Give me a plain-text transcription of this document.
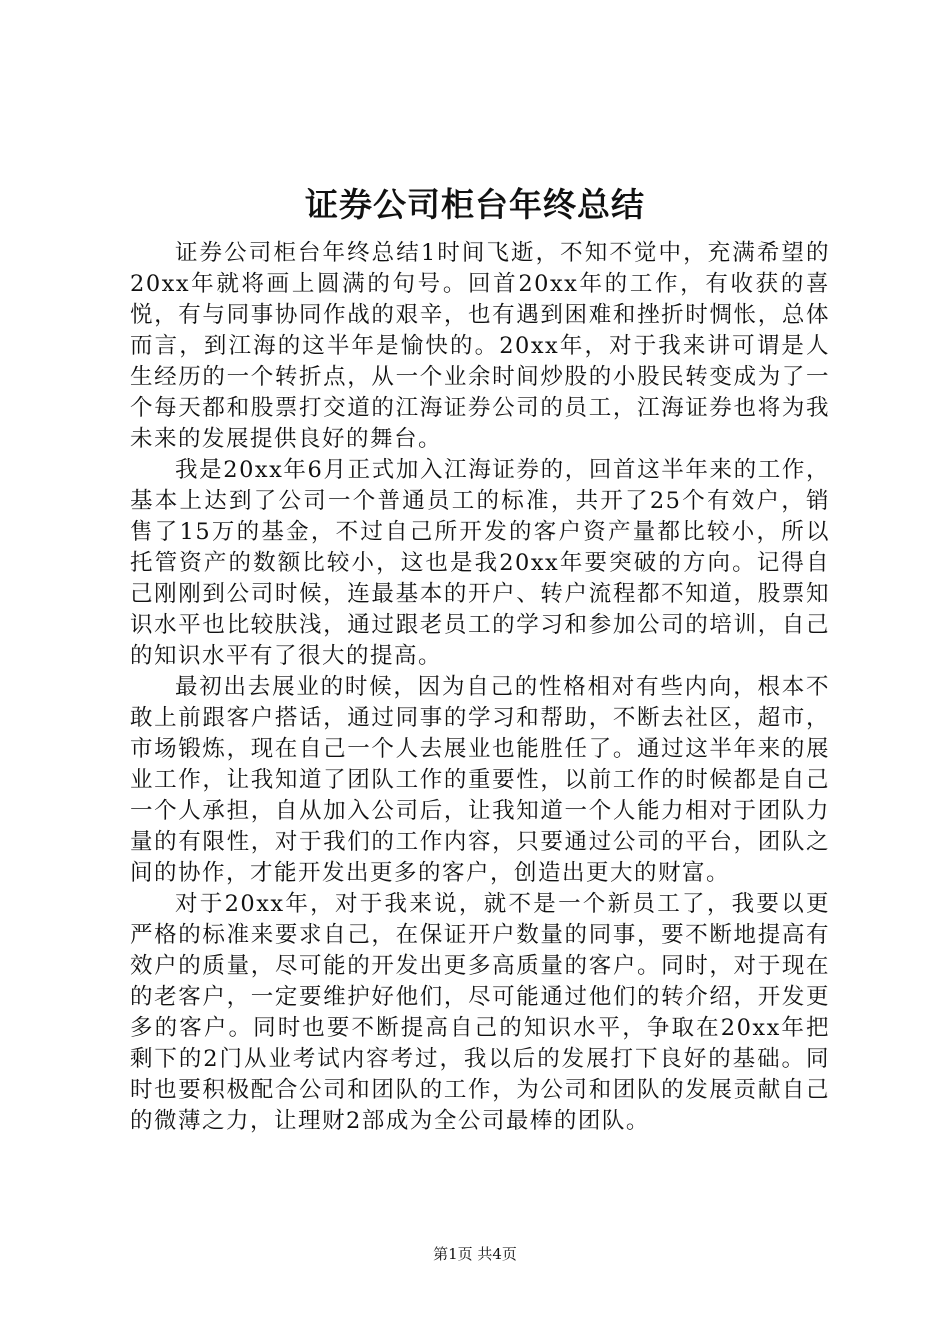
证券公司柜台年终总结

证券公司柜台年终总结1时间飞逝，不知不觉中，充满希望的20xx年就将画上圆满的句号。回首20xx年的工作，有收获的喜悦，有与同事协同作战的艰辛，也有遇到困难和挫折时惆怅，总体而言，到江海的这半年是愉快的。20xx年，对于我来讲可谓是人生经历的一个转折点，从一个业余时间炒股的小股民转变成为了一个每天都和股票打交道的江海证券公司的员工，江海证券也将为我未来的发展提供良好的舞台。

我是20xx年6月正式加入江海证券的，回首这半年来的工作，基本上达到了公司一个普通员工的标准，共开了25个有效户，销售了15万的基金，不过自己所开发的客户资产量都比较小，所以托管资产的数额比较小，这也是我20xx年要突破的方向。记得自己刚刚到公司时候，连最基本的开户、转户流程都不知道，股票知识水平也比较肤浅，通过跟老员工的学习和参加公司的培训，自己的知识水平有了很大的提高。

最初出去展业的时候，因为自己的性格相对有些内向，根本不敢上前跟客户搭话，通过同事的学习和帮助，不断去社区，超市，市场锻炼，现在自己一个人去展业也能胜任了。通过这半年来的展业工作，让我知道了团队工作的重要性，以前工作的时候都是自己一个人承担，自从加入公司后，让我知道一个人能力相对于团队力量的有限性，对于我们的工作内容，只要通过公司的平台，团队之间的协作，才能开发出更多的客户，创造出更大的财富。

对于20xx年，对于我来说，就不是一个新员工了，我要以更严格的标准来要求自己，在保证开户数量的同事，要不断地提高有效户的质量，尽可能的开发出更多高质量的客户。同时，对于现在的老客户，一定要维护好他们，尽可能通过他们的转介绍，开发更多的客户。同时也要不断提高自己的知识水平，争取在20xx年把剩下的2门从业考试内容考过，我以后的发展打下良好的基础。同时也要积极配合公司和团队的工作，为公司和团队的发展贡献自己的微薄之力，让理财2部成为全公司最棒的团队。

第1页 共4页
